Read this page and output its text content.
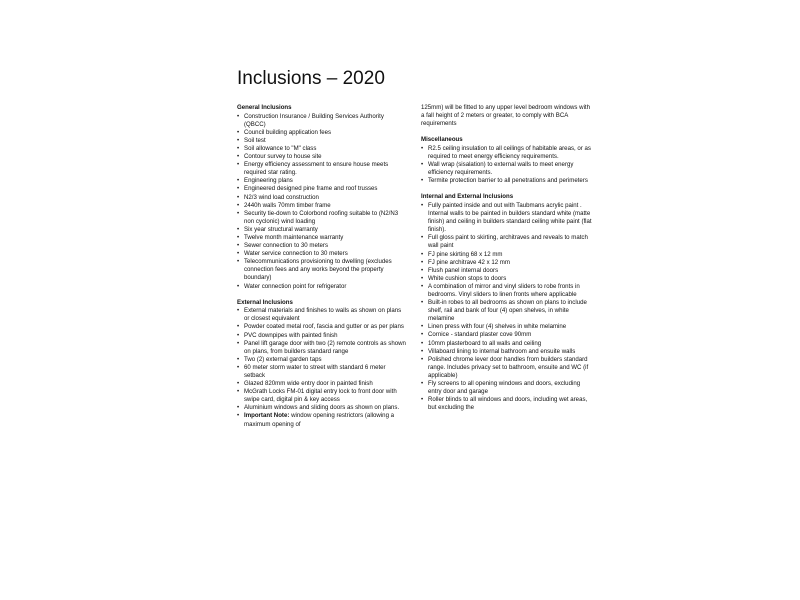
Inclusions – 2020
General Inclusions
• Construction Insurance / Building Services Authority (QBCC)
• Council building application fees
• Soil test
• Soil allowance to "M" class
• Contour survey to house site
• Energy efficiency assessment to ensure house meets required star rating.
• Engineering plans
• Engineered designed pine frame and roof trusses
• N2/3 wind load construction
• 2440h walls 70mm timber frame
• Security tie-down to Colorbond roofing suitable to (N2/N3 non cyclonic) wind loading
• Six year structural warranty
• Twelve month maintenance warranty
• Sewer connection to 30 meters
• Water service connection to 30 meters
• Telecommunications provisioning to dwelling (excludes connection fees and any works beyond the property boundary)
• Water connection point for refrigerator
External Inclusions
• External materials and finishes to walls as shown on plans or closest equivalent
• Powder coated metal roof, fascia and gutter or as per plans
• PVC downpipes with painted finish
• Panel lift garage door with two (2) remote controls as shown on plans, from builders standard range
• Two (2) external garden taps
• 60 meter storm water to street with standard 6 meter setback
• Glazed 820mm wide entry door in painted finish
• McGrath Locks FM-01 digital entry lock to front door with swipe card, digital pin & key access
• Aluminium windows and sliding doors as shown on plans.
• Important Note: window opening restrictors (allowing a maximum opening of

125mm) will be fitted to any upper level bedroom windows with a fall height of 2 meters or greater, to comply with BCA requirements

Miscellaneous
• R2.5 ceiling insulation to all ceilings of habitable areas, or as required to meet energy efficiency requirements.
• Wall wrap (sisalation) to external walls to meet energy efficiency requirements.
• Termite protection barrier to all penetrations and perimeters
Internal and External Inclusions
• Fully painted inside and out with Taubmans acrylic paint . Internal walls to be painted in builders standard white (matte finish) and ceiling in builders standard ceiling white paint (flat finish).
• Full gloss paint to skirting, architraves and reveals to match wall paint
• FJ pine skirting 68 x 12 mm
• FJ pine architrave 42 x 12 mm
• Flush panel internal doors
• White cushion stops to doors
• A combination of mirror and vinyl sliders to robe fronts in bedrooms. Vinyl sliders to linen fronts where applicable
• Built-in robes to all bedrooms as shown on plans to include shelf, rail and bank of four (4) open shelves, in white melamine
• Linen press with four (4) shelves in white melamine
• Cornice - standard plaster cove 90mm
• 10mm plasterboard to all walls and ceiling
• Villaboard lining to internal bathroom and ensuite walls
• Polished chrome lever door handles from builders standard range. Includes privacy set to bathroom, ensuite and WC (if applicable)
• Fly screens to all opening windows and doors, excluding entry door and garage
• Roller blinds to all windows and doors, including wet areas, but excluding the
